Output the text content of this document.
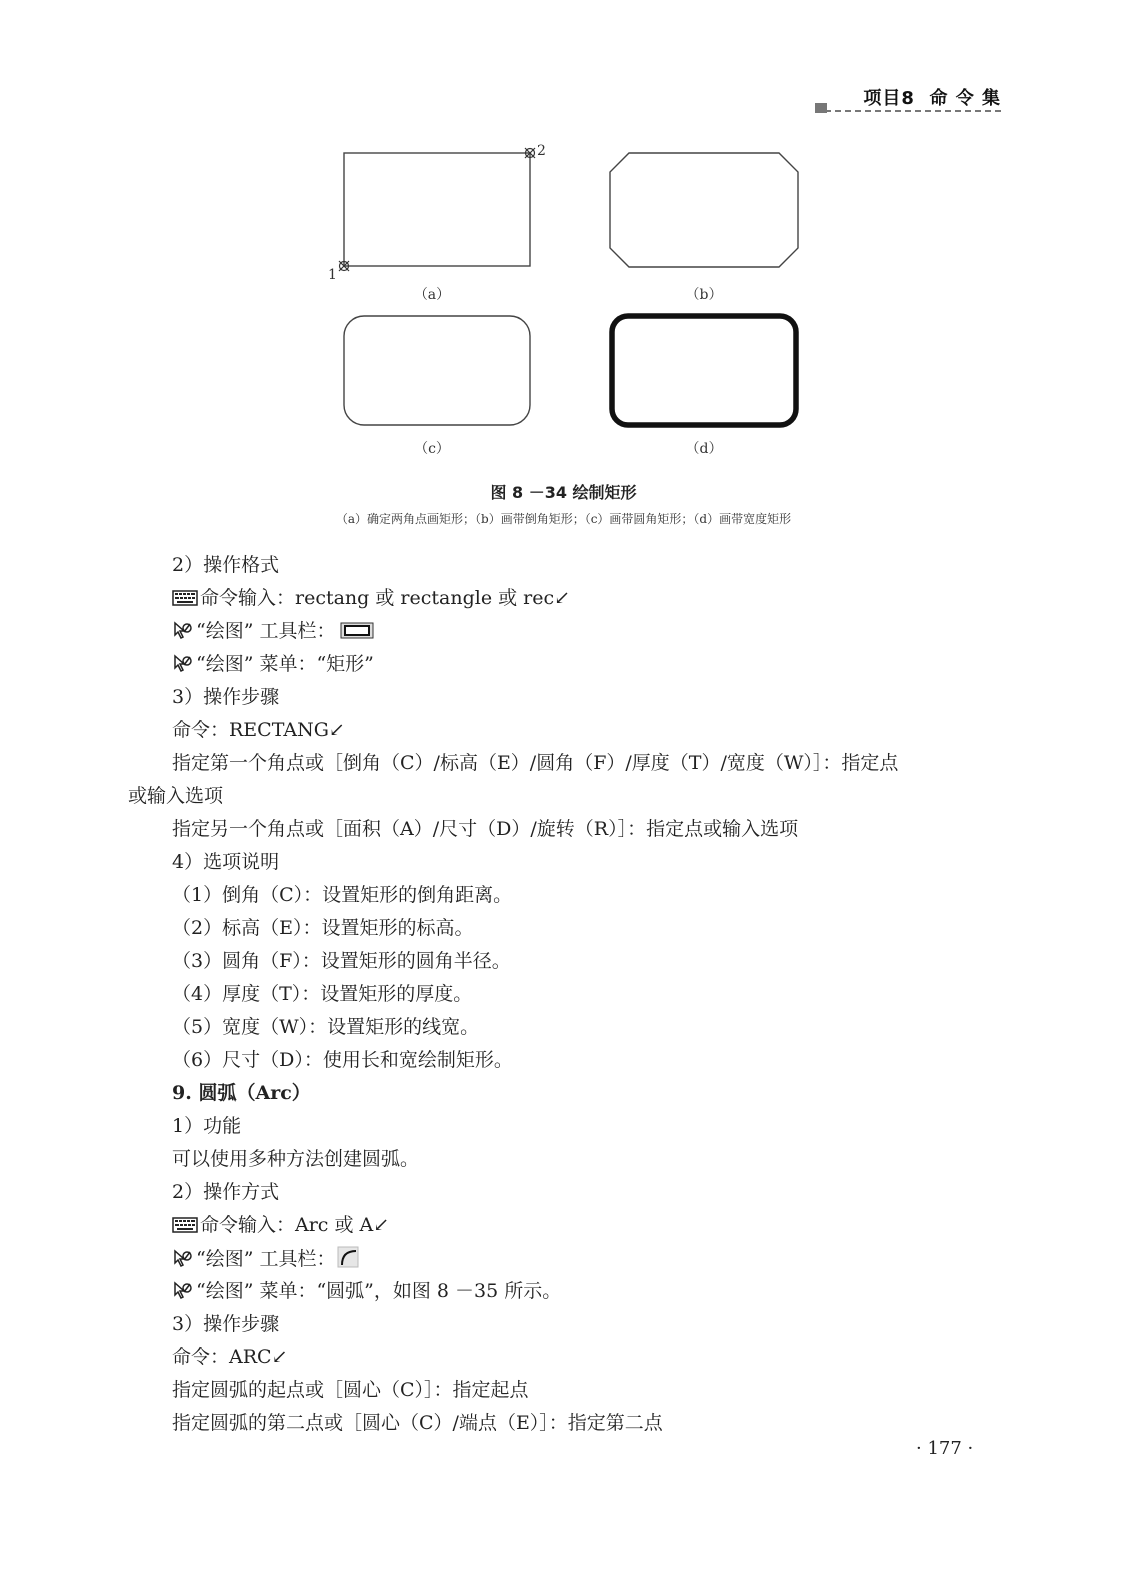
项目8  命 令 集
1
2
（a）	（b）
（c）	（d）
图 8 －34 绘制矩形
（a）确定两角点画矩形；（b）画带倒角矩形；（c）画带圆角矩形；（d）画带宽度矩形
2）操作格式
命令输入：rectang 或 rectangle 或 rec↙
“绘图” 工具栏：
“绘图” 菜单：“矩形”
3）操作步骤
命令：RECTANG↙
指定第一个角点或［倒角（C）/标高（E）/圆角（F）/厚度（T）/宽度（W）］：指定点
或输入选项
指定另一个角点或［面积（A）/尺寸（D）/旋转（R）］：指定点或输入选项
4）选项说明
（1）倒角（C）：设置矩形的倒角距离。
（2）标高（E）：设置矩形的标高。
（3）圆角（F）：设置矩形的圆角半径。
（4）厚度（T）：设置矩形的厚度。
（5）宽度（W）：设置矩形的线宽。
（6）尺寸（D）：使用长和宽绘制矩形。
9. 圆弧（Arc）
1）功能
可以使用多种方法创建圆弧。
2）操作方式
命令输入：Arc 或 A↙
“绘图” 工具栏：
“绘图” 菜单：“圆弧”，如图 8 －35 所示。
3）操作步骤
命令：ARC↙
指定圆弧的起点或［圆心（C）］：指定起点
指定圆弧的第二点或［圆心（C）/端点（E）］：指定第二点
· 177 ·
